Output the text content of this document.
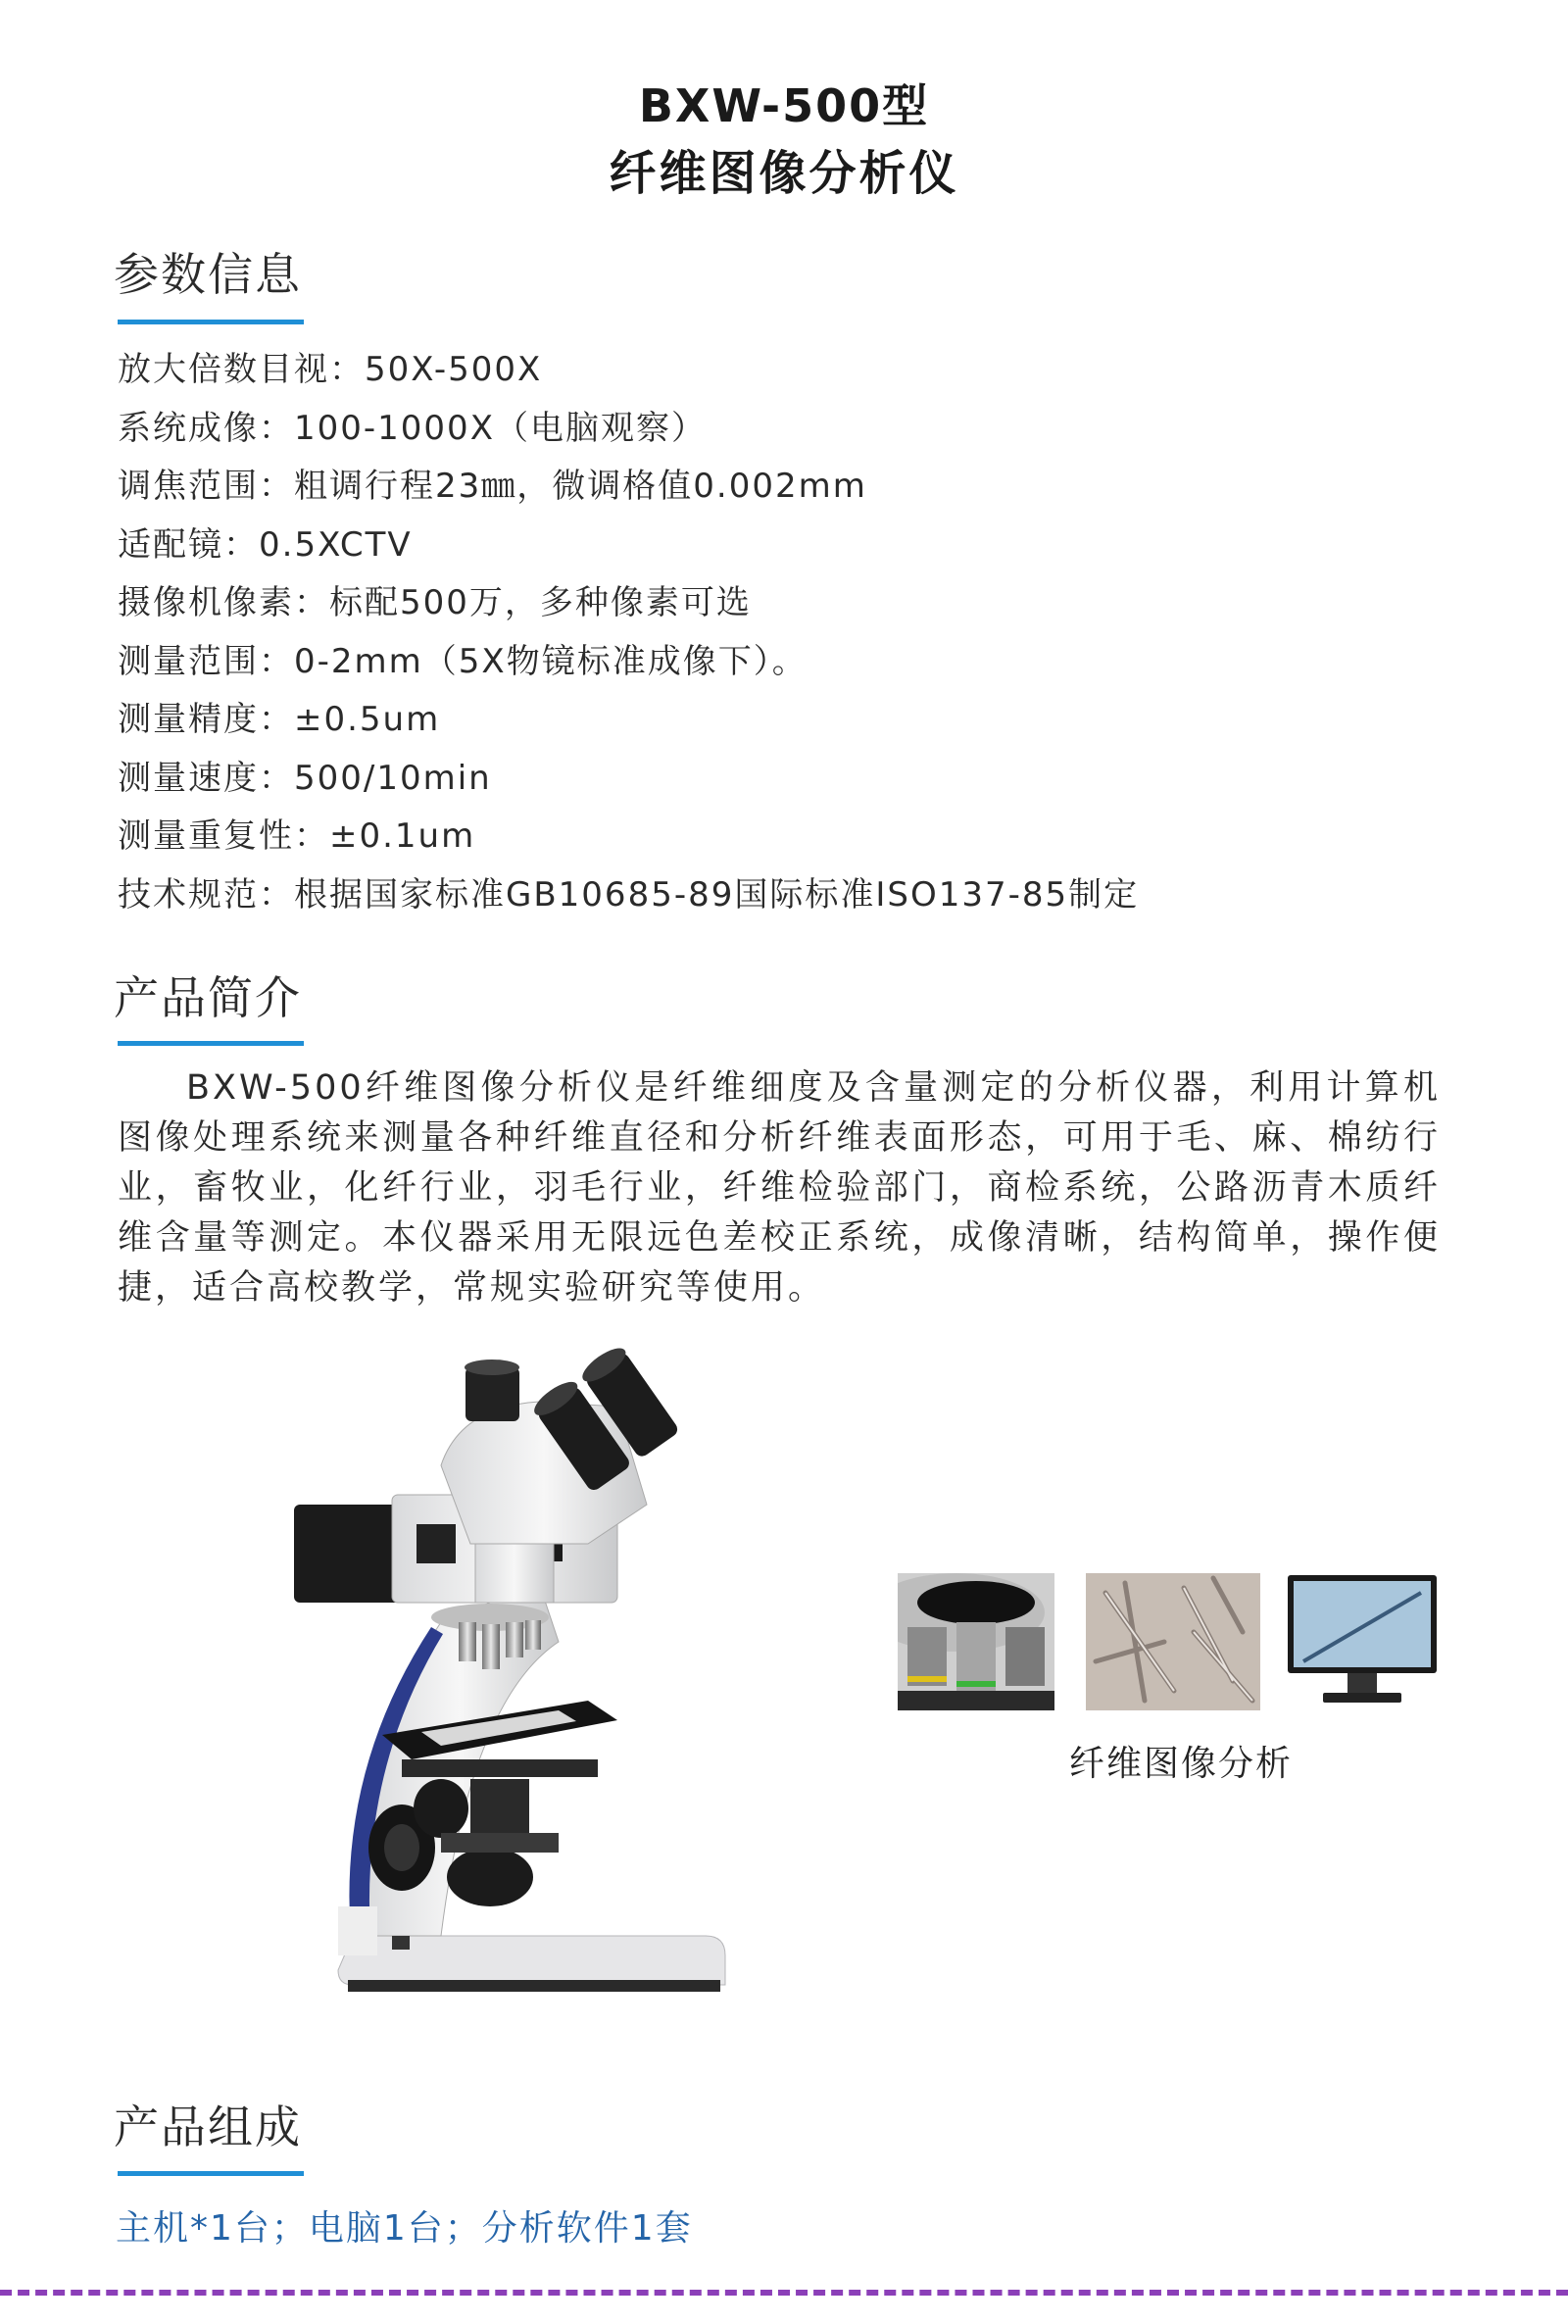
BXW-500型
纤维图像分析仪
参数信息
放大倍数目视：50X-500X
系统成像：100-1000X（电脑观察）
调焦范围：粗调行程23㎜，微调格值0.002mm
适配镜：0.5XCTV
摄像机像素：标配500万，多种像素可选
测量范围：0-2mm（5X物镜标准成像下）。
测量精度：±0.5um
测量速度：500/10min
测量重复性：±0.1um
技术规范：根据国家标准GB10685-89国际标准ISO137-85制定
产品简介

BXW-500纤维图像分析仪是纤维细度及含量测定的分析仪器，利用计算机图像处理系统来测量各种纤维直径和分析纤维表面形态，可用于毛、麻、棉纺行业，畜牧业，化纤行业，羽毛行业，纤维检验部门，商检系统，公路沥青木质纤维含量等测定。本仪器采用无限远色差校正系统，成像清晰，结构简单，操作便捷，适合高校教学，常规实验研究等使用。

纤维图像分析
产品组成
主机*1台；电脑1台；分析软件1套
